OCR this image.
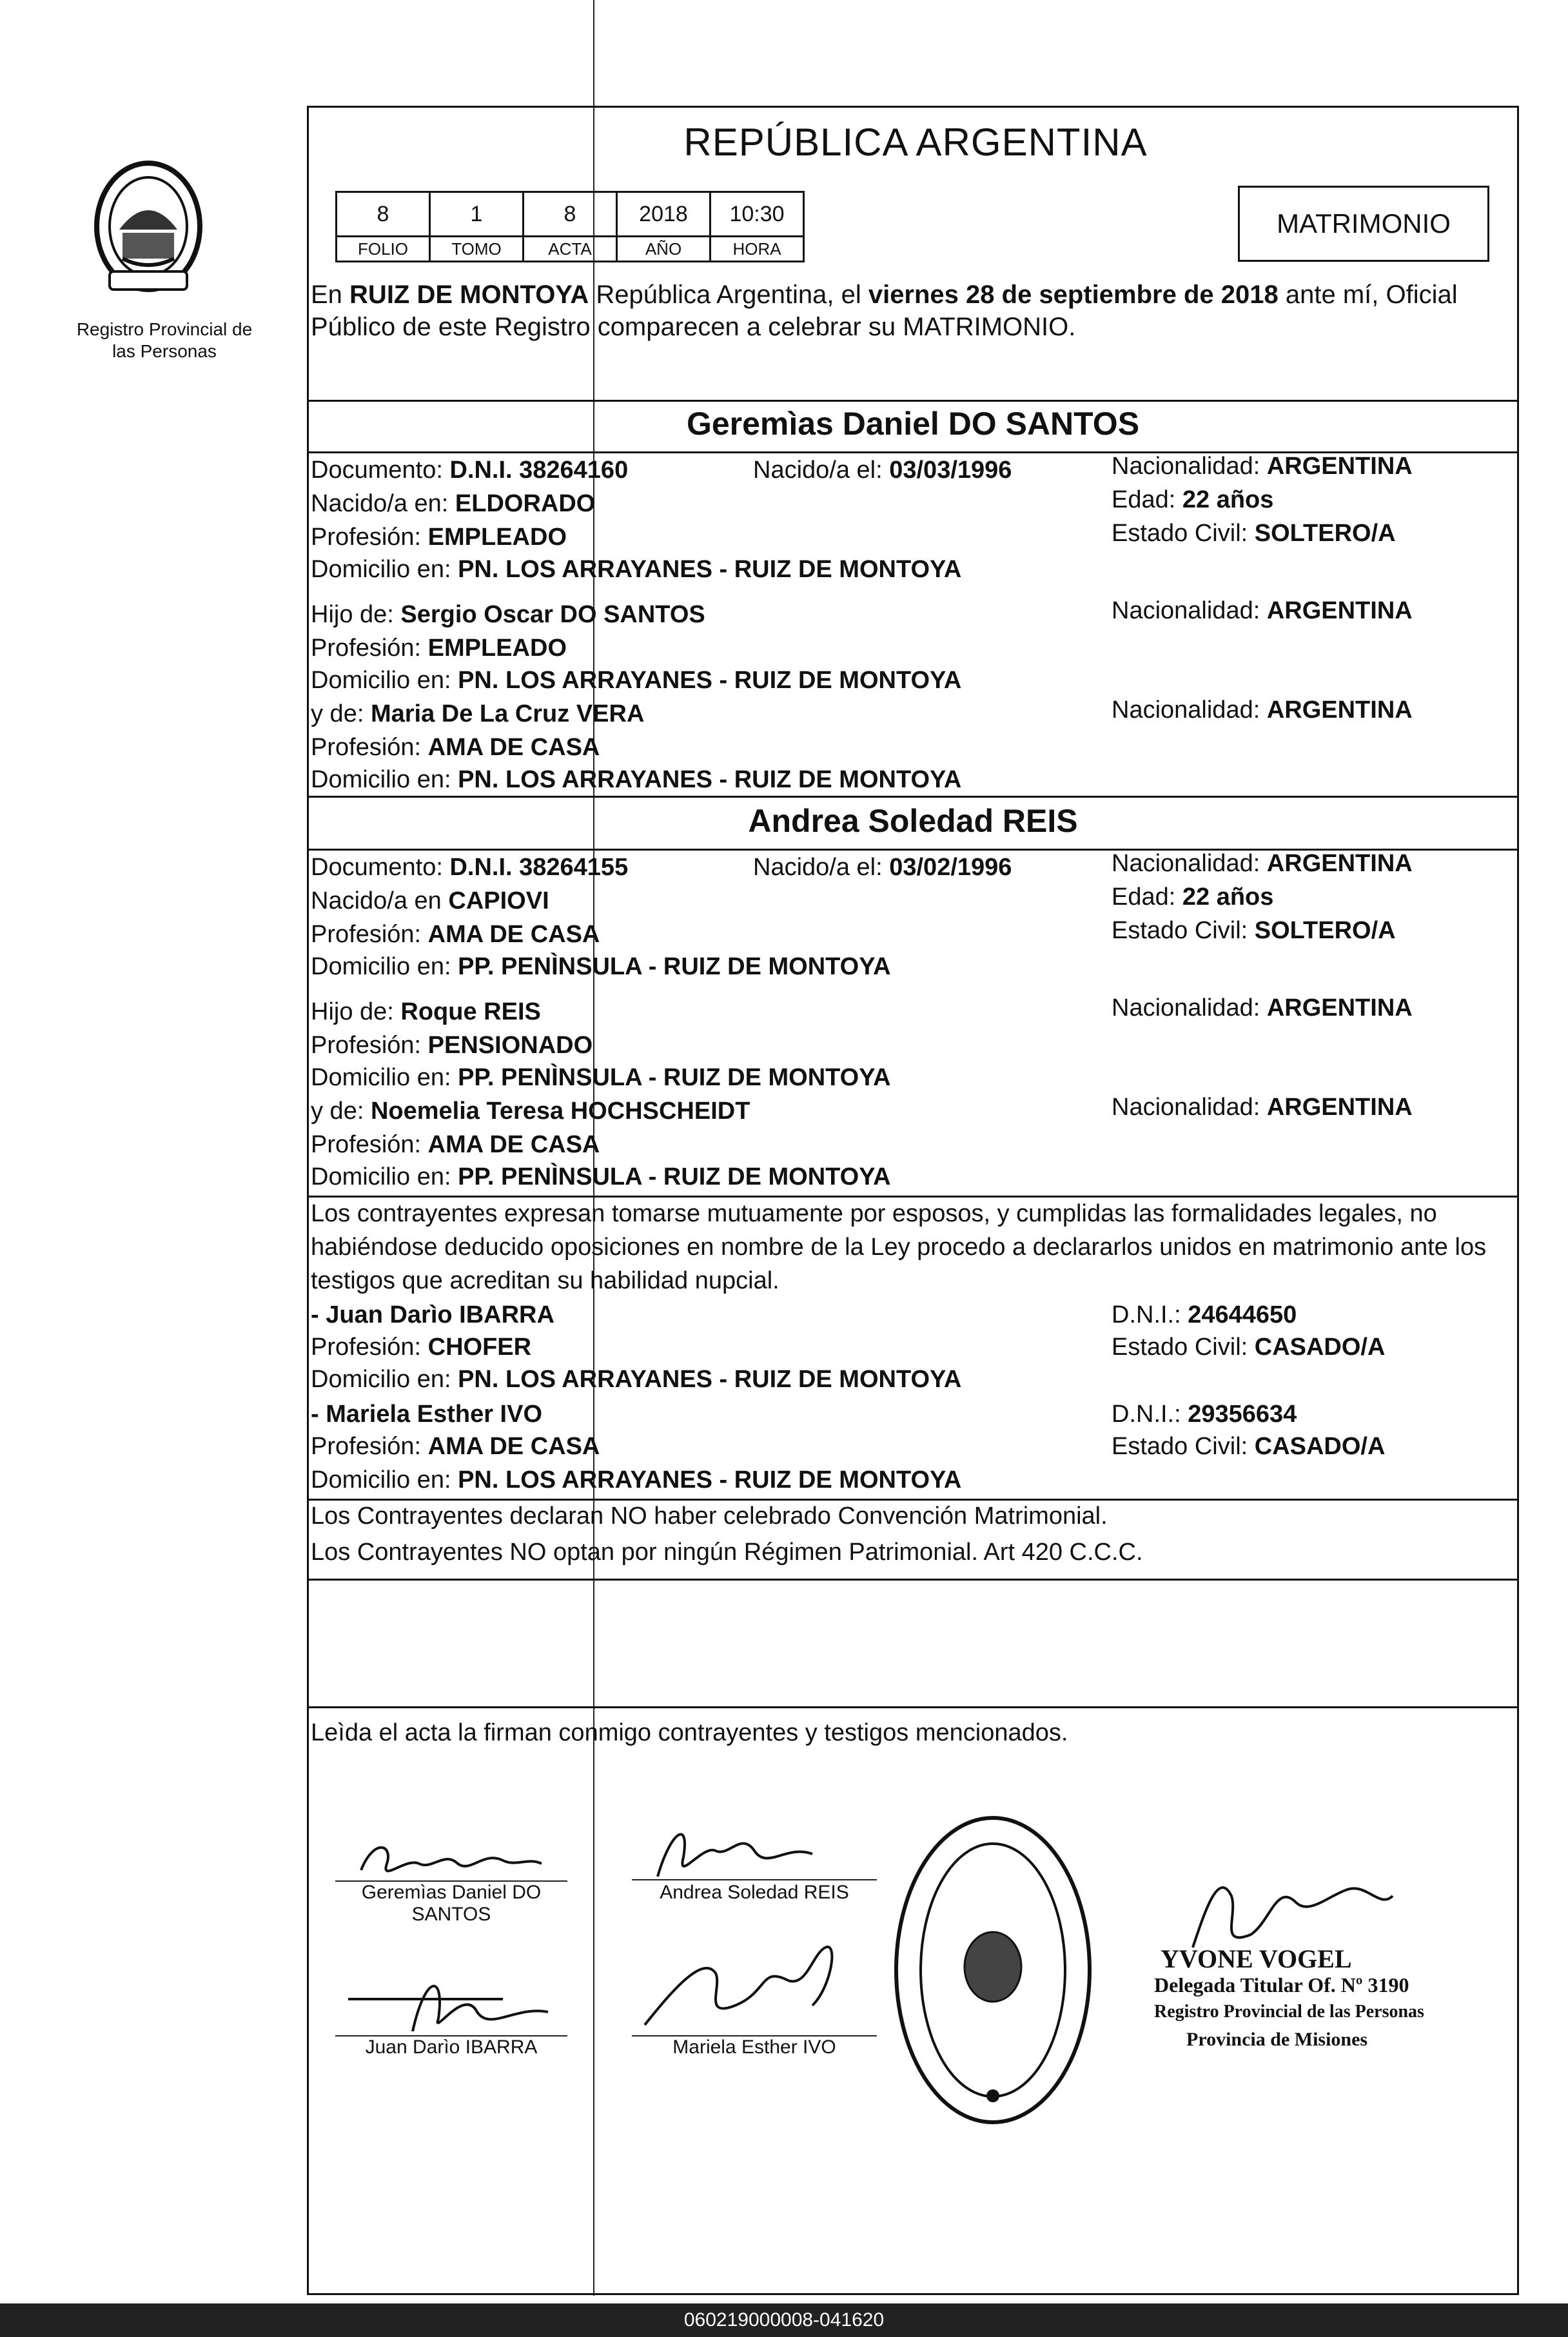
Registro Provincial de las Personas
REPÚBLICA ARGENTINA
8	1	8	2018	10:30
FOLIO	TOMO	ACTA	AÑO	HORA
MATRIMONIO
En RUIZ DE MONTOYA República Argentina, el viernes 28 de septiembre de 2018 ante mí, Oficial Público de este Registro comparecen a celebrar su MATRIMONIO.
Geremìas Daniel DO SANTOS
Documento: D.N.I. 38264160	Nacido/a el: 03/03/1996	Nacionalidad: ARGENTINA
Nacido/a en: ELDORADO	Edad: 22 años
Profesión: EMPLEADO	Estado Civil: SOLTERO/A
Domicilio en: PN. LOS ARRAYANES - RUIZ DE MONTOYA
Hijo de: Sergio Oscar DO SANTOS	Nacionalidad: ARGENTINA
Profesión: EMPLEADO
Domicilio en: PN. LOS ARRAYANES - RUIZ DE MONTOYA
y de: Maria De La Cruz VERA	Nacionalidad: ARGENTINA
Profesión: AMA DE CASA
Domicilio en: PN. LOS ARRAYANES - RUIZ DE MONTOYA
Andrea Soledad REIS
Documento: D.N.I. 38264155	Nacido/a el: 03/02/1996	Nacionalidad: ARGENTINA
Nacido/a en CAPIOVI	Edad: 22 años
Profesión: AMA DE CASA	Estado Civil: SOLTERO/A
Domicilio en: PP. PENÌNSULA - RUIZ DE MONTOYA
Hijo de: Roque REIS	Nacionalidad: ARGENTINA
Profesión: PENSIONADO
Domicilio en: PP. PENÌNSULA - RUIZ DE MONTOYA
y de: Noemelia Teresa HOCHSCHEIDT	Nacionalidad: ARGENTINA
Profesión: AMA DE CASA
Domicilio en: PP. PENÌNSULA - RUIZ DE MONTOYA
Los contrayentes expresan tomarse mutuamente por esposos, y cumplidas las formalidades legales, no habiéndose deducido oposiciones en nombre de la Ley procedo a declararlos unidos en matrimonio ante los testigos que acreditan su habilidad nupcial.
- Juan Darìo IBARRA	D.N.I.: 24644650
Profesión: CHOFER	Estado Civil: CASADO/A
Domicilio en: PN. LOS ARRAYANES - RUIZ DE MONTOYA
- Mariela Esther IVO	D.N.I.: 29356634
Profesión: AMA DE CASA	Estado Civil: CASADO/A
Domicilio en: PN. LOS ARRAYANES - RUIZ DE MONTOYA
Los Contrayentes declaran NO haber celebrado Convención Matrimonial.
Los Contrayentes NO optan por ningún Régimen Patrimonial. Art 420 C.C.C.
Leìda el acta la firman conmigo contrayentes y testigos mencionados.
Geremìas Daniel DO
SANTOS
Andrea Soledad REIS
Juan Darìo IBARRA	Mariela Esther IVO
YVONE VOGEL
Delegada Titular Of. Nº 3190
Registro Provincial de las Personas
Provincia de Misiones
060219000008-041620
